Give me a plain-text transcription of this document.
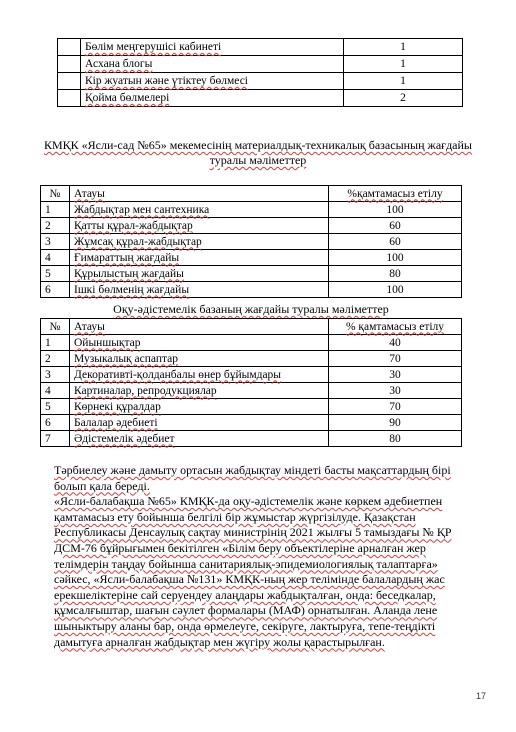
	Бөлім меңгерушісі кабинеті	1
	Асхана блогы	1
	Кір жуатын және үтіктеу бөлмесі	1
	Қойма бөлмелері	2
КМҚК «Ясли-сад №65» мекемесінің материалдық-техникалық базасының жағдайы туралы мәліметтер
№	Атауы	%қамтамасыз етілу
1	Жабдықтар мен сантехника	100
2	Қатты құрал-жабдықтар	60
3	Жұмсақ құрал-жабдықтар	60
4	Ғимараттың жағдайы	100
5	Құрылыстың жағдайы	80
6	Ішкі бөлменің жағдайы	100
Оқу-әдістемелік базаның жағдайы туралы мәліметтер
№	Атауы	% қамтамасыз етілу
1	Ойыншықтар	40
2	Музыкалық аспаптар	70
3	Декоративті-қолданбалы өнер бұйымдары	30
4	Картиналар, репродукциялар	30
5	Көрнекі құралдар	70
6	Балалар әдебиеті	90
7	Әдістемелік әдебиет	80

Тәрбиелеу және дамыту ортасын жабдықтау міндеті басты мақсаттардың бірі болып қала береді.

«Ясли-балабақша №65» КМҚК-да оқу-әдістемелік және көркем әдебиетпен қамтамасыз ету бойынша белгілі бір жұмыстар жүргізілуде. Қазақстан Республикасы Денсаулық сақтау министрінің 2021 жылғы 5 тамыздағы № ҚР ДСМ-76 бұйрығымен бекітілген «Білім беру объектілеріне арналған жер телімдерін таңдау бойынша санитариялық-эпидемиологиялық талаптарға» сәйкес, «Ясли-балабақша №131» КМҚК-ның жер телімінде балалардың жас ерекшеліктеріне сай серуендеу алаңдары жабдықталған, онда: беседкалар, құмсалғыштар, шағын сәулет формалары (МАФ) орнатылған. Аланда лене шыныктыру аланы бар, онда өрмелеуге, секіруге, лактыруға, тепе-теңдікті дамытуға арналған жабдықтар мен жүгіру жолы қарастырылған.

17
